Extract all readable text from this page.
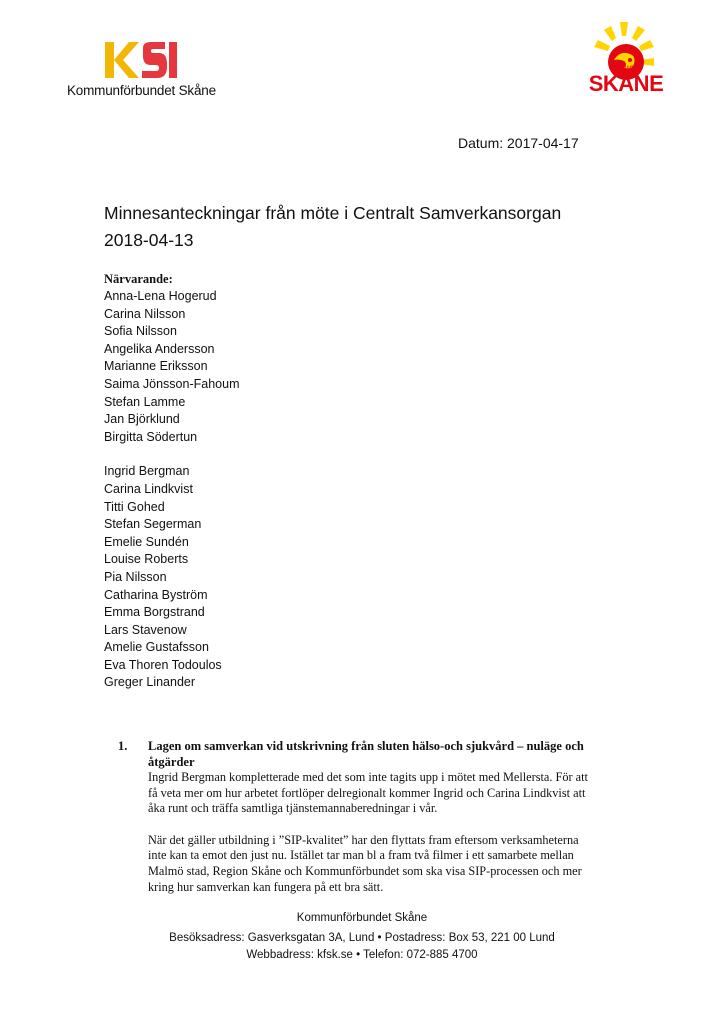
Kommunförbundet Skåne
REGION
SKÅNE
Datum: 2017-04-17
Minnesanteckningar från möte i Centralt Samverkansorgan
2018-04-13
Närvarande:
Anna-Lena Hogerud
Carina Nilsson
Sofia Nilsson
Angelika Andersson
Marianne Eriksson
Saima Jönsson-Fahoum
Stefan Lamme
Jan Björklund
Birgitta Södertun
Ingrid Bergman
Carina Lindkvist
Titti Gohed
Stefan Segerman
Emelie Sundén
Louise Roberts
Pia Nilsson
Catharina Byström
Emma Borgstrand
Lars Stavenow
Amelie Gustafsson
Eva Thoren Todoulos
Greger Linander
1. Lagen om samverkan vid utskrivning från sluten hälso-och sjukvård – nuläge och åtgärder

Ingrid Bergman kompletterade med det som inte tagits upp i mötet med Mellersta. För att få veta mer om hur arbetet fortlöper delregionalt kommer Ingrid och Carina Lindkvist att åka runt och träffa samtliga tjänstemannaberedningar i vår.

När det gäller utbildning i ”SIP-kvalitet” har den flyttats fram eftersom verksamheterna inte kan ta emot den just nu. Istället tar man bl a fram två filmer i ett samarbete mellan Malmö stad, Region Skåne och Kommunförbundet som ska visa SIP-processen och mer kring hur samverkan kan fungera på ett bra sätt.

Kommunförbundet Skåne
Besöksadress: Gasverksgatan 3A, Lund • Postadress: Box 53, 221 00 Lund
Webbadress: kfsk.se • Telefon: 072-885 4700
